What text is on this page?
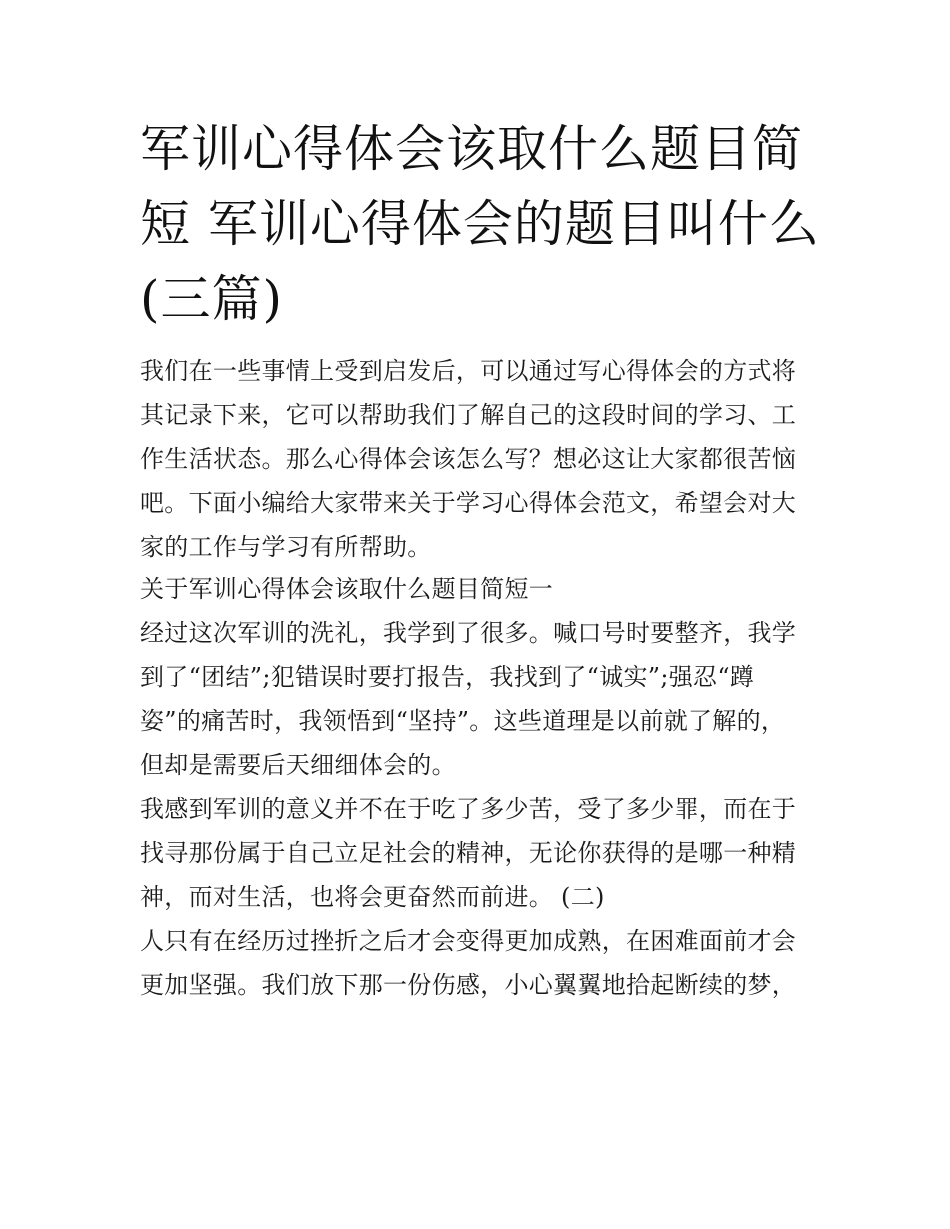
军训心得体会该取什么题目简
短 军训心得体会的题目叫什么
(三篇)

我们在一些事情上受到启发后，可以通过写心得体会的方式将
其记录下来，它可以帮助我们了解自己的这段时间的学习、工
作生活状态。那么心得体会该怎么写？想必这让大家都很苦恼
吧。下面小编给大家带来关于学习心得体会范文，希望会对大
家的工作与学习有所帮助。

关于军训心得体会该取什么题目简短一

经过这次军训的洗礼，我学到了很多。喊口号时要整齐，我学
到了“团结”;犯错误时要打报告，我找到了“诚实”;强忍“蹲
姿”的痛苦时，我领悟到“坚持”。这些道理是以前就了解的，
但却是需要后天细细体会的。

我感到军训的意义并不在于吃了多少苦，受了多少罪，而在于
找寻那份属于自己立足社会的精神，无论你获得的是哪一种精
神，而对生活，也将会更奋然而前进。 (二)

人只有在经历过挫折之后才会变得更加成熟，在困难面前才会
更加坚强。我们放下那一份伤感，小心翼翼地拾起断续的梦，
